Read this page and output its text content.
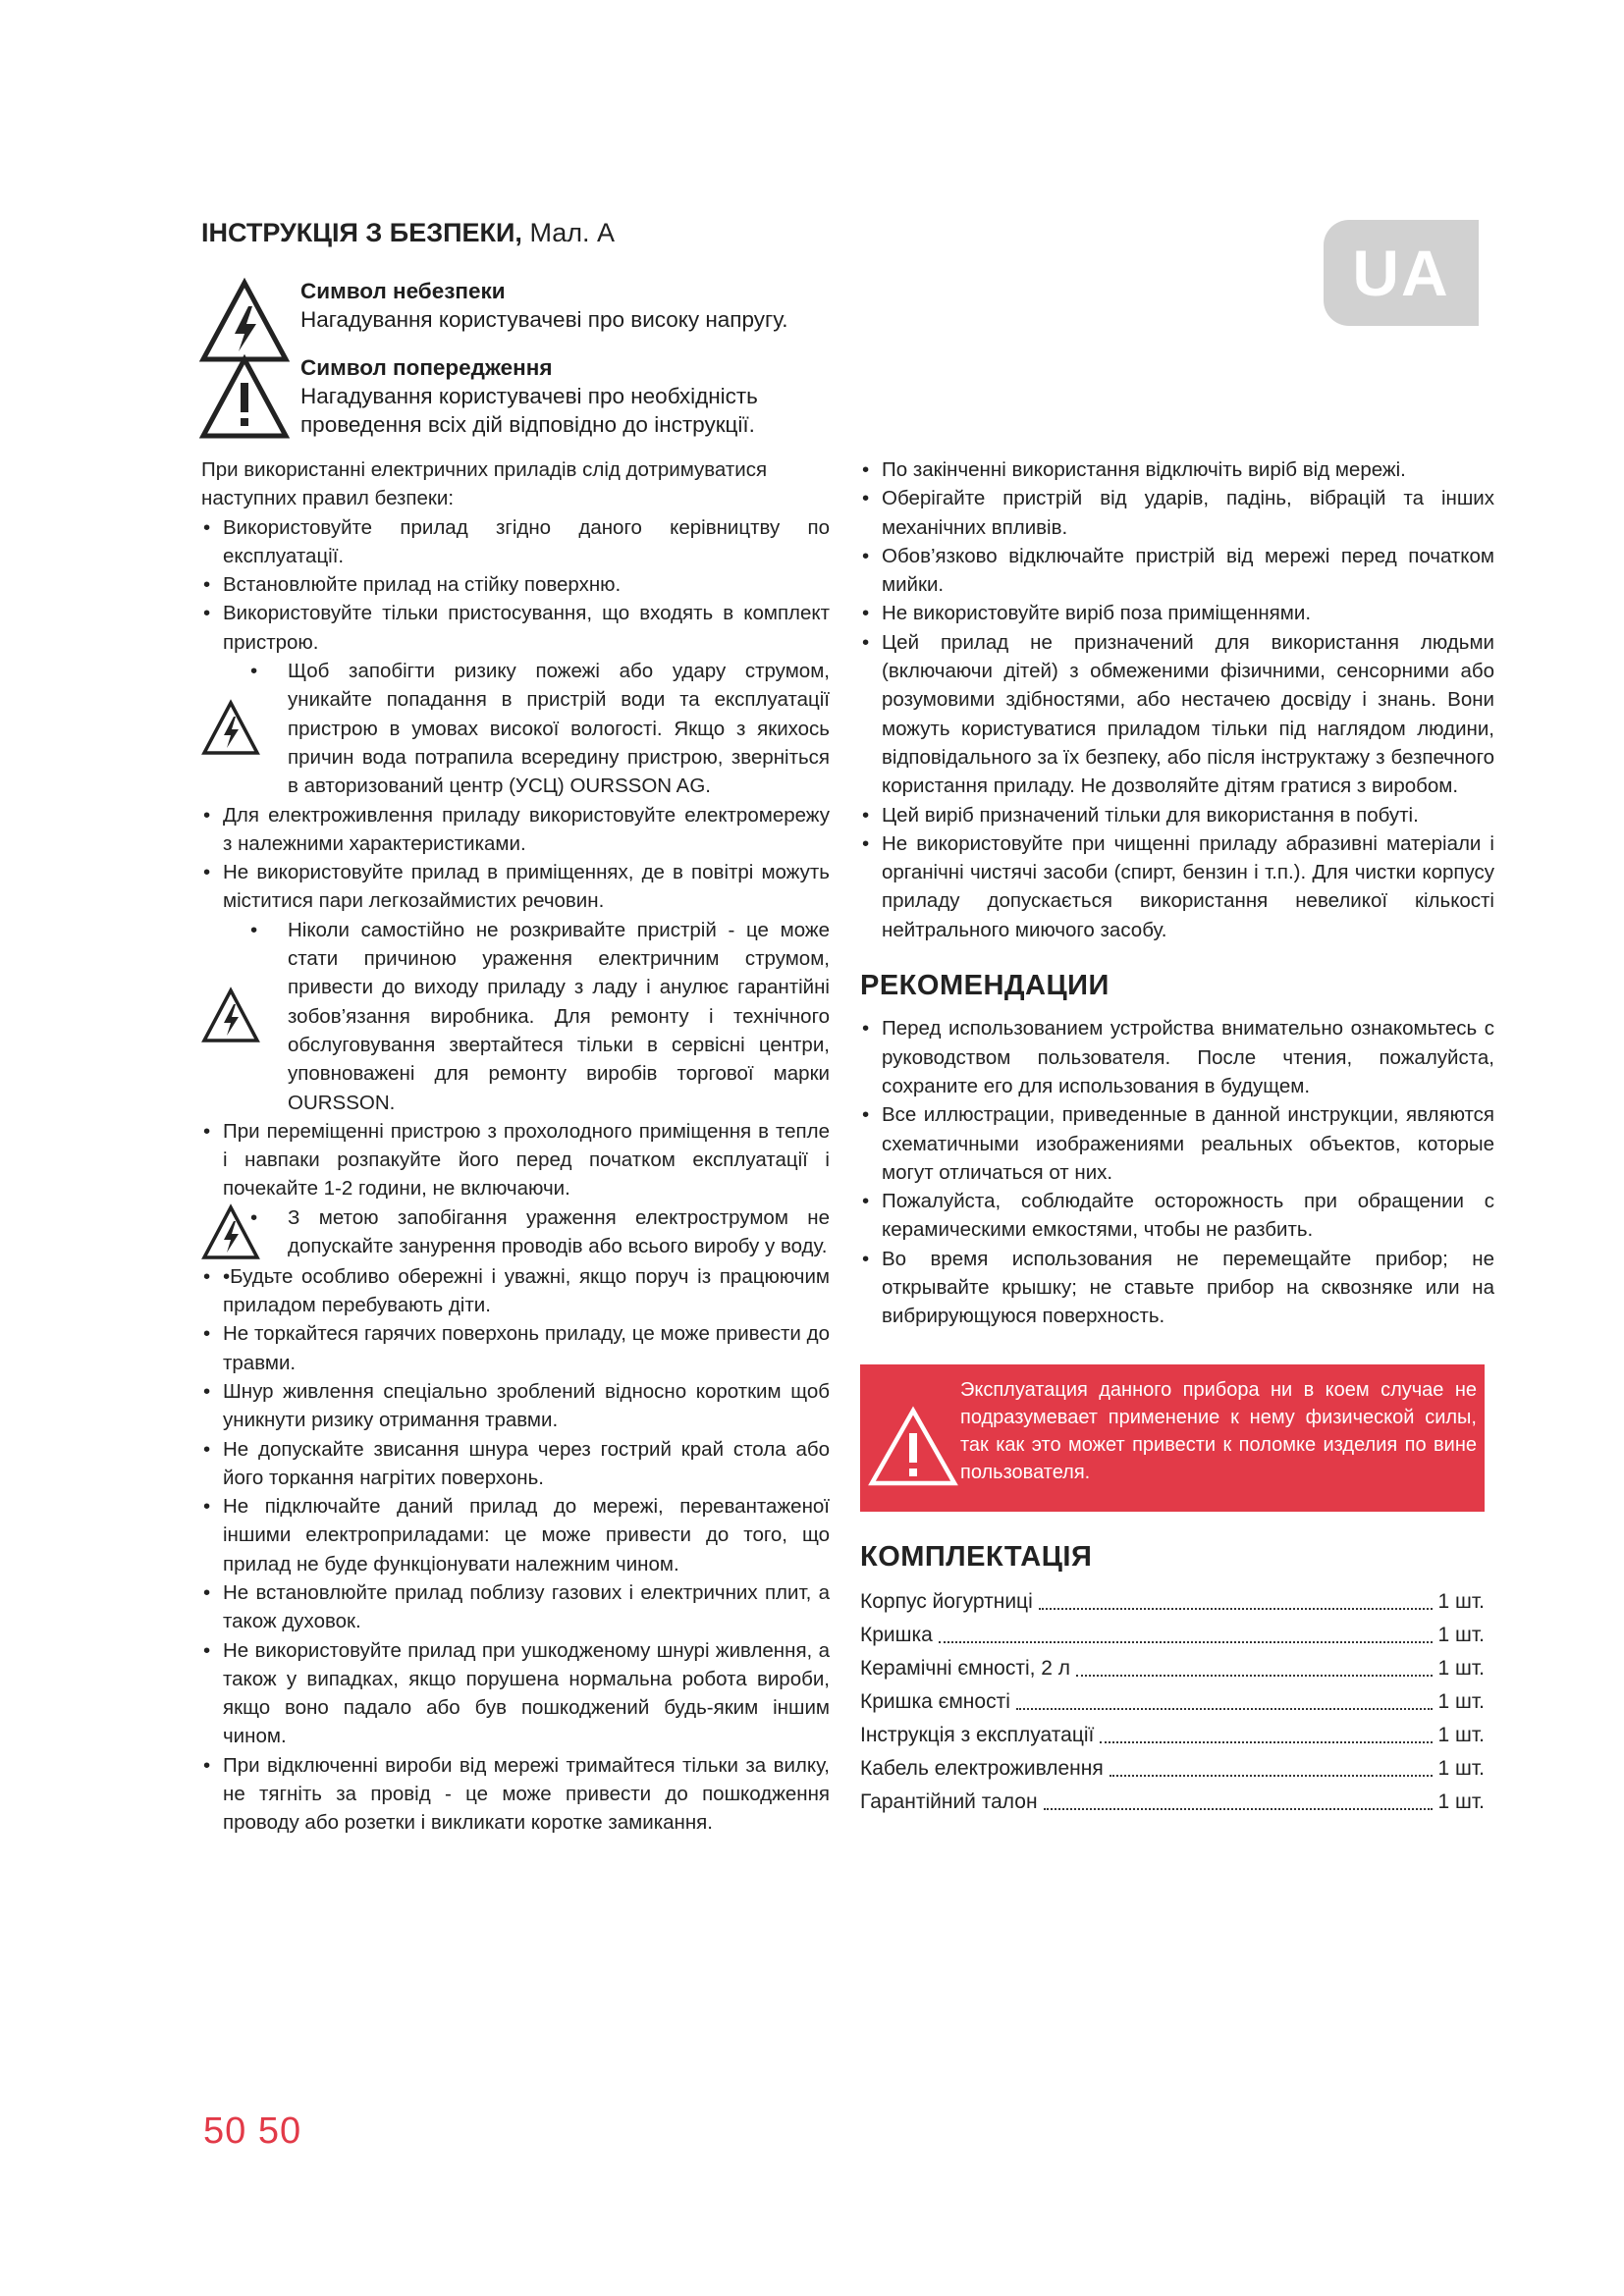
ІНСТРУКЦІЯ З БЕЗПЕКИ, Мал. А
UA
Символ небезпеки
Нагадування користувачеві про високу напругу.
Символ попередження
Нагадування користувачеві про необхідність проведення всіх дій відповідно до інструкції.

При використанні електричних приладів слід дотримуватися наступних правил безпеки:

• Використовуйте прилад згідно даного керівництву по експлуатації.
• Встановлюйте прилад на стійку поверхню.
• Використовуйте тільки пристосування, що входять в комплект пристрою.
• Щоб запобігти ризику пожежі або удару струмом, уникайте попадання в пристрій води та експлуатації пристрою в умовах високої вологості. Якщо з якихось причин вода потрапила всередину пристрою, зверніться в авторизований центр (УСЦ) OURSSON AG.
• Для електроживлення приладу використовуйте електромережу з належними характеристиками.
• Не використовуйте прилад в приміщеннях, де в повітрі можуть міститися пари легкозаймистих речовин.
• Ніколи самостійно не розкривайте пристрій - це може стати причиною ураження електричним струмом, привести до виходу приладу з ладу і анулює гарантійні зобов’язання виробника. Для ремонту і технічного обслуговування звертайтеся тільки в сервісні центри, уповноважені для ремонту виробів торгової марки OURSSON.
• При переміщенні пристрою з прохолодного приміщення в тепле і навпаки розпакуйте його перед початком експлуатації і почекайте 1-2 години, не включаючи.
• З метою запобігання ураження електрострумом не допускайте занурення проводів або всього виробу у воду.
• •Будьте особливо обережні і уважні, якщо поруч із працюючим приладом перебувають діти.
• Не торкайтеся гарячих поверхонь приладу, це може привести до травми.
• Шнур живлення спеціально зроблений відносно коротким щоб уникнути ризику отримання травми.
• Не допускайте звисання шнура через гострий край стола або його торкання нагрітих поверхонь.
• Не підключайте даний прилад до мережі, перевантаженої іншими електроприладами: це може привести до того, що прилад не буде функціонувати належним чином.
• Не встановлюйте прилад поблизу газових і електричних плит, а також духовок.
• Не використовуйте прилад при ушкодженому шнурі живлення, а також у випадках, якщо порушена нормальна робота вироби, якщо воно падало або був пошкоджений будь-яким іншим чином.
• При відключенні вироби від мережі тримайтеся тільки за вилку, не тягніть за провід - це може привести до пошкодження проводу або розетки і викликати коротке замикання.
• По закінченні використання відключіть виріб від мережі.
• Оберігайте пристрій від ударів, падінь, вібрацій та інших механічних впливів.
• Обов’язково відключайте пристрій від мережі перед початком мийки.
• Не використовуйте виріб поза приміщеннями.
• Цей прилад не призначений для використання людьми (включаючи дітей) з обмеженими фізичними, сенсорними або розумовими здібностями, або нестачею досвіду і знань. Вони можуть користуватися приладом тільки під наглядом людини, відповідального за їх безпеку, або після інструктажу з безпечного користання приладу. Не дозволяйте дітям гратися з виробом.
• Цей виріб призначений тільки для використання в побуті.
• Не використовуйте при чищенні приладу абразивні матеріали і органічні чистячі засоби (спирт, бензин і т.п.). Для чистки корпусу приладу допускається використання невеликої кількості нейтрального миючого засобу.
РЕКОМЕНДАЦИИ
• Перед использованием устройства внимательно ознакомьтесь с руководством пользователя. После чтения, пожалуйста, сохраните его для использования в будущем.
• Все иллюстрации, приведенные в данной инструкции, являются схематичными изображениями реальных объектов, которые могут отличаться от них.
• Пожалуйста, соблюдайте осторожность при обращении с керамическими емкостями, чтобы не разбить.
• Во время использования не перемещайте прибор; не открывайте крышку; не ставьте прибор на сквозняке или на вибрирующуюся поверхность.
Эксплуатация данного прибора ни в коем случае не подразумевает применение к нему физической силы, так как это может привести к поломке изделия по вине пользователя.
КОМПЛЕКТАЦІЯ
Корпус йогуртниці	1 шт.
Кришка	1 шт.
Керамічні ємності, 2 л	1 шт.
Кришка ємності	1 шт.
Інструкція з експлуатації	1 шт.
Кабель електроживлення	1 шт.
Гарантійний талон	1 шт.
50 50
